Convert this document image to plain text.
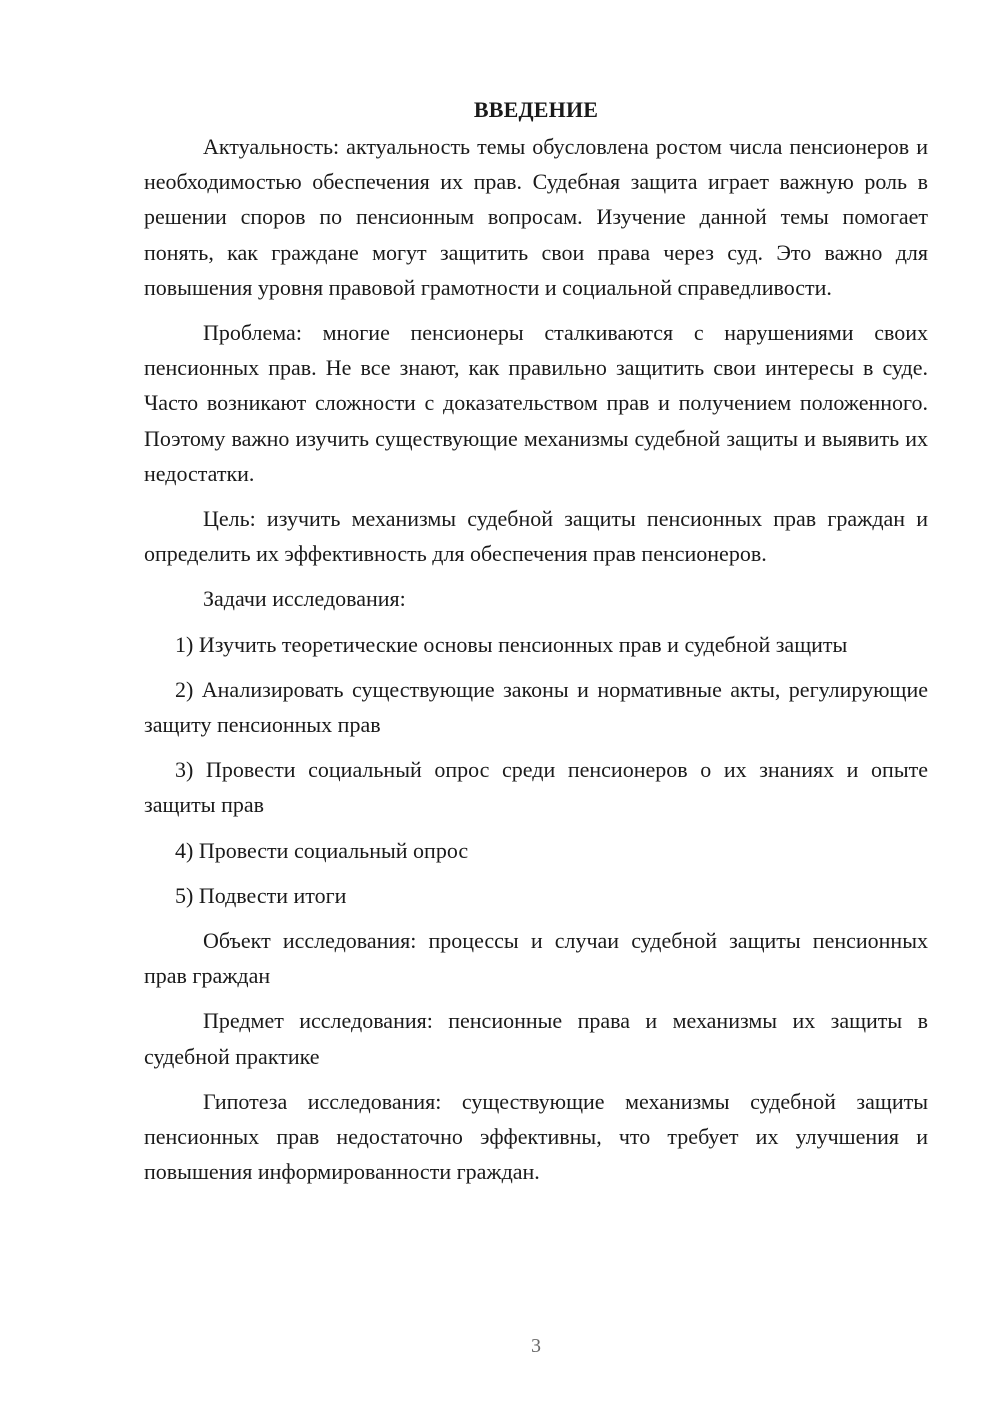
ВВЕДЕНИЕ

Актуальность: актуальность темы обусловлена ростом числа пенсионеров и необходимостью обеспечения их прав. Судебная защита играет важную роль в решении споров по пенсионным вопросам. Изучение данной темы помогает понять, как граждане могут защитить свои права через суд. Это важно для повышения уровня правовой грамотности и социальной справедливости.

Проблема: многие пенсионеры сталкиваются с нарушениями своих пенсионных прав. Не все знают, как правильно защитить свои интересы в суде. Часто возникают сложности с доказательством прав и получением положенного. Поэтому важно изучить существующие механизмы судебной защиты и выявить их недостатки.

Цель: изучить механизмы судебной защиты пенсионных прав граждан и определить их эффективность для обеспечения прав пенсионеров.

Задачи исследования:

1) Изучить теоретические основы пенсионных прав и судебной защиты

2) Анализировать существующие законы и нормативные акты, регулирующие защиту пенсионных прав

3) Провести социальный опрос среди пенсионеров о их знаниях и опыте защиты прав

4) Провести социальный опрос

5) Подвести итоги

Объект исследования: процессы и случаи судебной защиты пенсионных прав граждан

Предмет исследования: пенсионные права и механизмы их защиты в судебной практике

Гипотеза исследования: существующие механизмы судебной защиты пенсионных прав недостаточно эффективны, что требует их улучшения и повышения информированности граждан.

3
